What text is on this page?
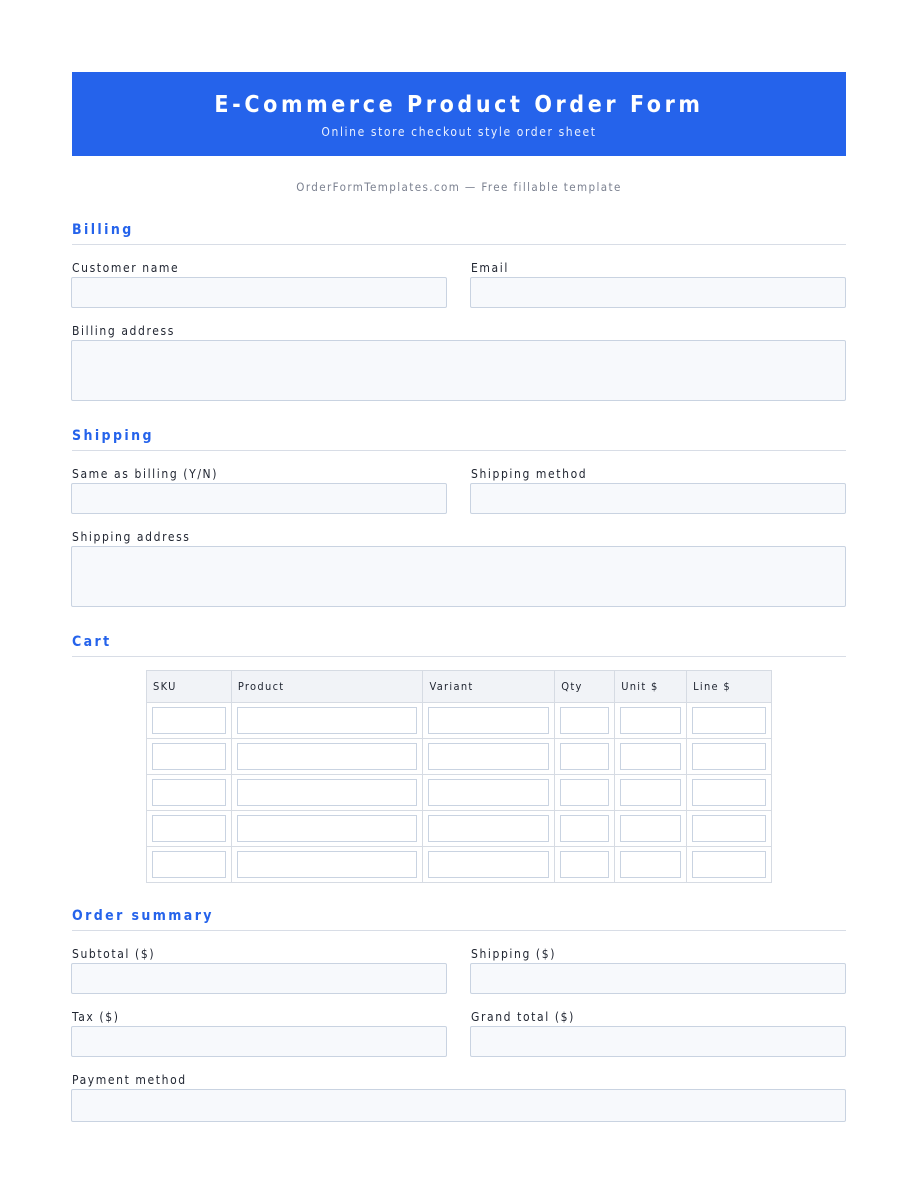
E-Commerce Product Order Form
Online store checkout style order sheet
OrderFormTemplates.com — Free fillable template
Billing
Customer name	Email
Billing address
Shipping
Same as billing (Y/N)	Shipping method
Shipping address
Cart
SKU	Product	Variant	Qty	Unit $	Line $

Order summary
Subtotal ($)	Shipping ($)
Tax ($)	Grand total ($)
Payment method
